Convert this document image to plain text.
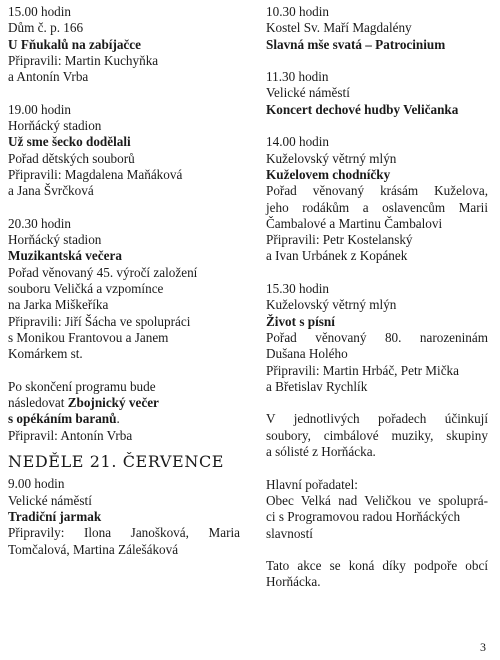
15.00 hodin
Dům č. p. 166
U Fňukalů na zabíjačce
Připravili: Martin Kuchyňka
a Antonín Vrba
19.00 hodin
Horňácký stadion
Už sme šecko dodělali
Pořad dětských souborů
Připravili: Magdalena Maňáková
a Jana Švrčková
20.30 hodin
Horňácký stadion
Muzikantská večera
Pořad věnovaný 45. výročí založení
souboru Veličká a vzpomínce
na Jarka Miškeříka
Připravili: Jiří Šácha ve spolupráci
s Monikou Frantovou a Janem
Komárkem st.
Po skončení programu bude
následovat Zbojnický večer
s opékáním baranů.
Připravil: Antonín Vrba
NEDĚLE 21. ČERVENCE
9.00 hodin
Velické náměstí
Tradiční jarmak
Připravily: Ilona Janošková, Maria
Tomčalová, Martina Zálešáková
10.30 hodin
Kostel Sv. Maří Magdalény
Slavná mše svatá – Patrocinium
11.30 hodin
Velické náměstí
Koncert dechové hudby Veličanka
14.00 hodin
Kuželovský větrný mlýn
Kuželovem chodníčky
Pořad věnovaný krásám Kuželova,
jeho rodákům a oslavencům Marii
Čambalové a Martinu Čambalovi
Připravili: Petr Kostelanský
a Ivan Urbánek z Kopánek
15.30 hodin
Kuželovský větrný mlýn
Život s písní
Pořad věnovaný 80. narozeninám
Dušana Holého
Připravili: Martin Hrbáč, Petr Mička
a Břetislav Rychlík
V jednotlivých pořadech účinkují
soubory, cimbálové muziky, skupiny
a sólisté z Horňácka.
Hlavní pořadatel:
Obec Velká nad Veličkou ve spoluprá-
ci s Programovou radou Horňáckých
slavností
Tato akce se koná díky podpoře obcí
Horňácka.
3
